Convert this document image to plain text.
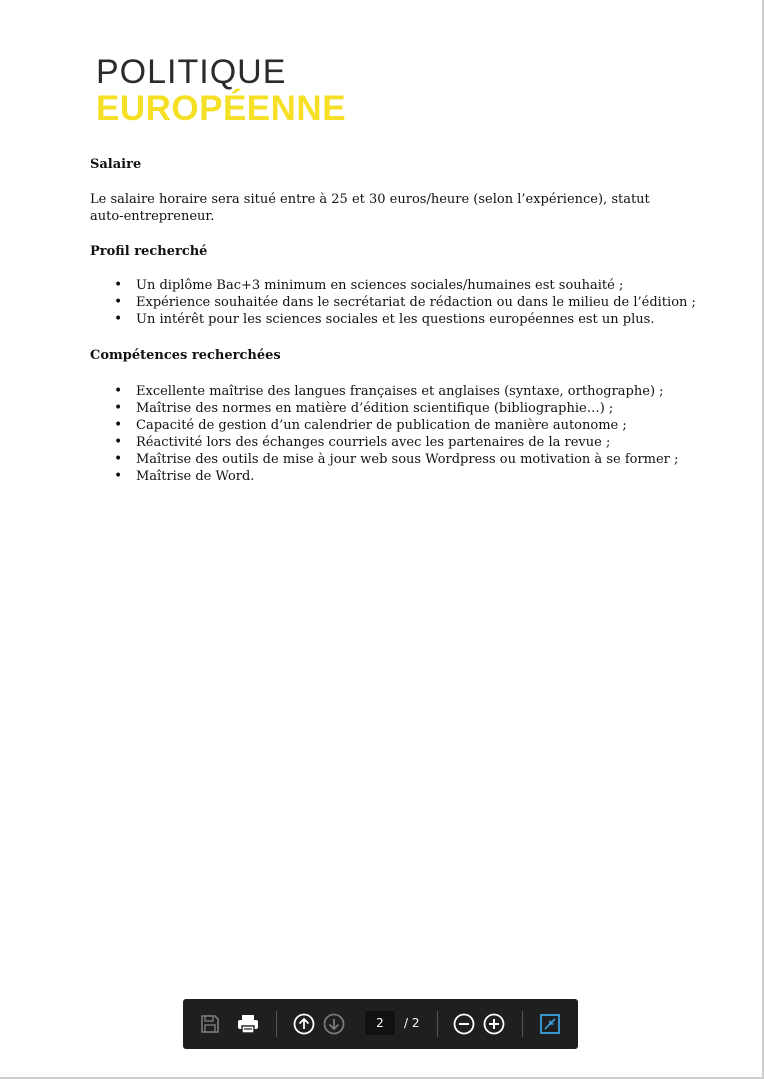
POLITIQUE
EUROPÉENNE
Salaire

Le salaire horaire sera situé entre à 25 et 30 euros/heure (selon l’expérience), statut auto-entrepreneur.

Profil recherché
• Un diplôme Bac+3 minimum en sciences sociales/humaines est souhaité ;
• Expérience souhaitée dans le secrétariat de rédaction ou dans le milieu de l’édition ;
• Un intérêt pour les sciences sociales et les questions européennes est un plus.
Compétences recherchées
• Excellente maîtrise des langues françaises et anglaises (syntaxe, orthographe) ;
• Maîtrise des normes en matière d’édition scientifique (bibliographie…) ;
• Capacité de gestion d’un calendrier de publication de manière autonome ;
• Réactivité lors des échanges courriels avec les partenaires de la revue ;
• Maîtrise des outils de mise à jour web sous Wordpress ou motivation à se former ;
• Maîtrise de Word.
2	/ 2
